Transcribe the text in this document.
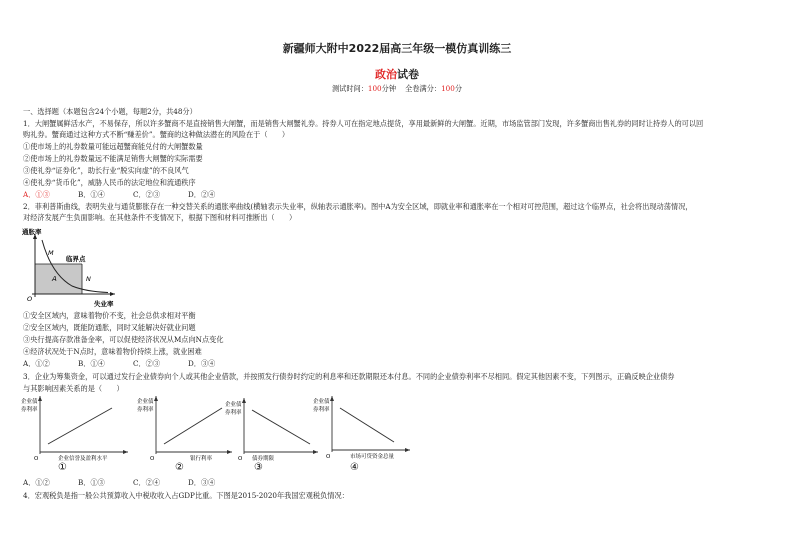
新疆师大附中2022届高三年级一模仿真训练三
政治试卷
测试时间：100分钟 全卷满分：100分
一、选择题（本题包含24个小题，每题2分，共48分）
1．大闸蟹属鲜活水产，不易保存，所以许多蟹商不是直接销售大闸蟹，而是销售大闸蟹礼券。持券人可在指定地点提货，享用最新鲜的大闸蟹。近期，市场监管部门发现，许多蟹商出售礼券的同时让持券人的可以回
购礼券。蟹商通过这种方式不断“赚差价”。蟹商的这种做法潜在的风险在于（　　）
①使市场上的礼券数量可能远超蟹商能兑付的大闸蟹数量
②使市场上的礼券数量远不能满足销售大闸蟹的实际需要
③使礼券“证券化”，助长行业“脱实向虚”的不良风气
④使礼券“货币化”，威胁人民币的法定地位和流通秩序
A．①③	B．①④	C．②③	D．②④
2．菲利普斯曲线，表明失业与通货膨胀存在一种交替关系的通胀率曲线(横轴表示失业率，纵轴表示通胀率)。图中A为安全区域，即就业率和通胀率在一个相对可控范围，超过这个临界点，社会将出现动荡情况，
对经济发展产生负面影响。在其他条件不变情况下，根据下图和材料可推断出（　　）
通胀率
失业率
临界点
M
N
A
O
①安全区域内，意味着物价不变，社会总供求相对平衡
②安全区域内，既能防通胀，同时又能解决好就业问题
③央行提高存款准备金率，可以促使经济状况从M点向N点变化
④经济状况处于N点时，意味着物价持续上涨，就业困难
A．①②	B．①④	C．②③	D．③④
3．企业为筹集资金，可以通过发行企业债券向个人或其他企业借款，并按照发行债券时约定的利息率和还款期限还本付息。不同的企业债券利率不尽相同。假定其他因素不变，下列图示，正确反映企业债券
与其影响因素关系的是（　　）
企业债
券利率
O	企业信誉及盈利水平
①
企业债
券利率
O	银行利率
②
企业债
券利率
O 债券期限
③
企业债
券利率
O	市场可贷资金总量
④
A．①②	B．①③	C．②④	D．③④
4．宏观税负是指一般公共预算收入中税收收入占GDP比重。下图是2015-2020年我国宏观税负情况：
